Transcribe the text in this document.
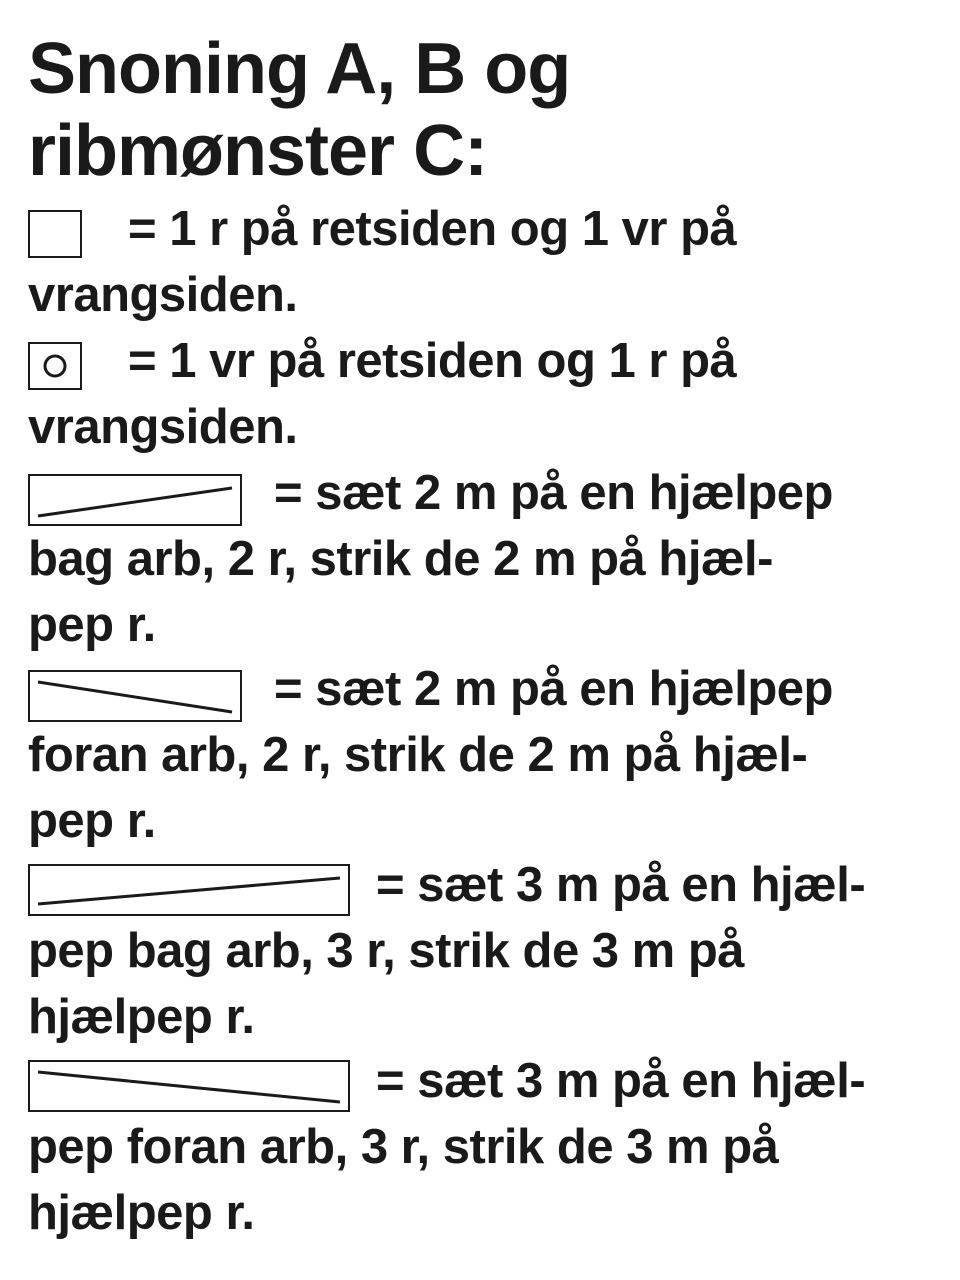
Snoning A, B og
ribmønster C:
= 1 r på retsiden og 1 vr på
vrangsiden.
= 1 vr på retsiden og 1 r på
vrangsiden.
= sæt 2 m på en hjælpep
bag arb, 2 r, strik de 2 m på hjæl-
pep r.
= sæt 2 m på en hjælpep
foran arb, 2 r, strik de 2 m på hjæl-
pep r.
= sæt 3 m på en hjæl-
pep bag arb, 3 r, strik de 3 m på
hjælpep r.
= sæt 3 m på en hjæl-
pep foran arb, 3 r, strik de 3 m på
hjælpep r.
